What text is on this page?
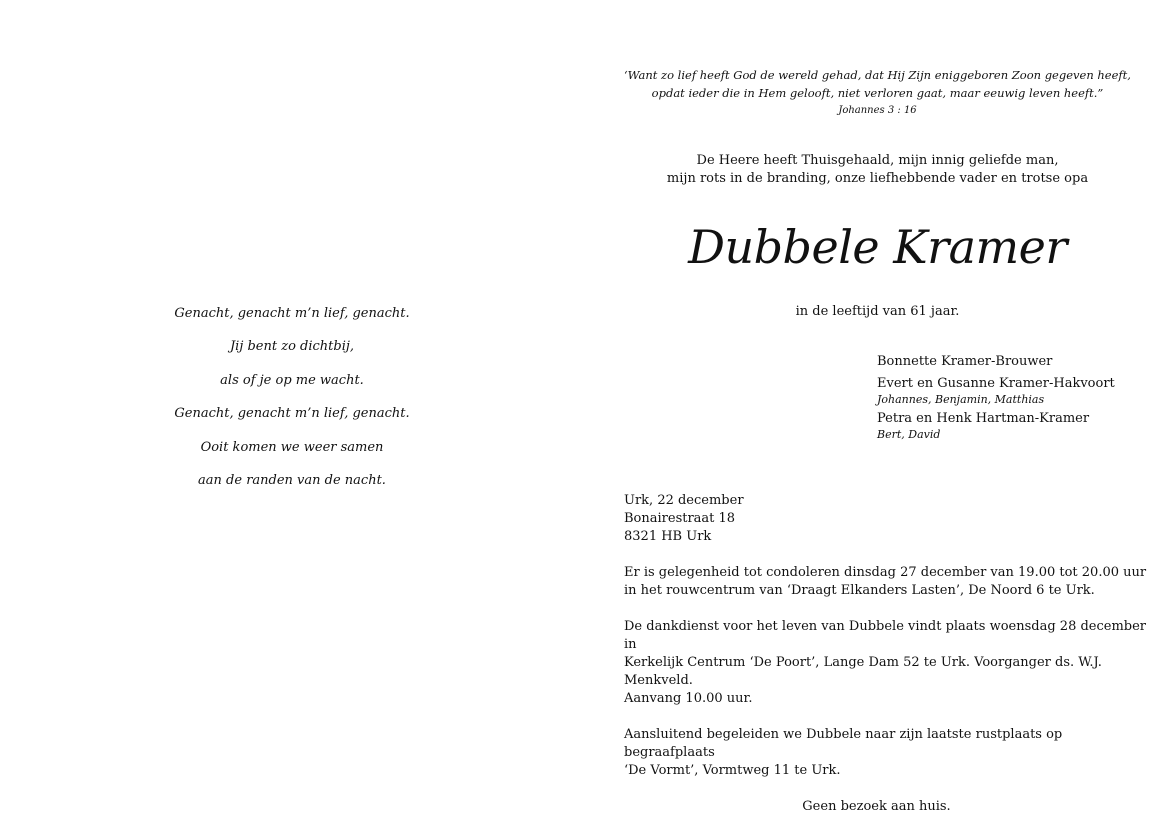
Genacht, genacht m’n lief, genacht.
Jij bent zo dichtbij,
als of je op me wacht.
Genacht, genacht m’n lief, genacht.
Ooit komen we weer samen
aan de randen van de nacht.
‘Want zo lief heeft God de wereld gehad, dat Hij Zijn eniggeboren Zoon gegeven heeft,
opdat ieder die in Hem gelooft, niet verloren gaat, maar eeuwig leven heeft.”
Johannes 3 : 16
De Heere heeft Thuisgehaald, mijn innig geliefde man,
mijn rots in de branding, onze liefhebbende vader en trotse opa
Dubbele Kramer
in de leeftijd van 61 jaar.
Bonnette Kramer-Brouwer
Evert en Gusanne Kramer-Hakvoort
Johannes, Benjamin, Matthias
Petra en Henk Hartman-Kramer
Bert, David
Urk, 22 december
Bonairestraat 18
8321 HB Urk
Er is gelegenheid tot condoleren dinsdag 27 december van 19.00 tot 20.00 uur
in het rouwcentrum van ‘Draagt Elkanders Lasten’, De Noord 6 te Urk.
De dankdienst voor het leven van Dubbele vindt plaats woensdag 28 december in
Kerkelijk Centrum ‘De Poort’, Lange Dam 52 te Urk. Voorganger ds. W.J. Menkveld.
Aanvang 10.00 uur.
Aansluitend begeleiden we Dubbele naar zijn laatste rustplaats op begraafplaats
‘De Vormt’, Vormtweg 11 te Urk.
Geen bezoek aan huis.
